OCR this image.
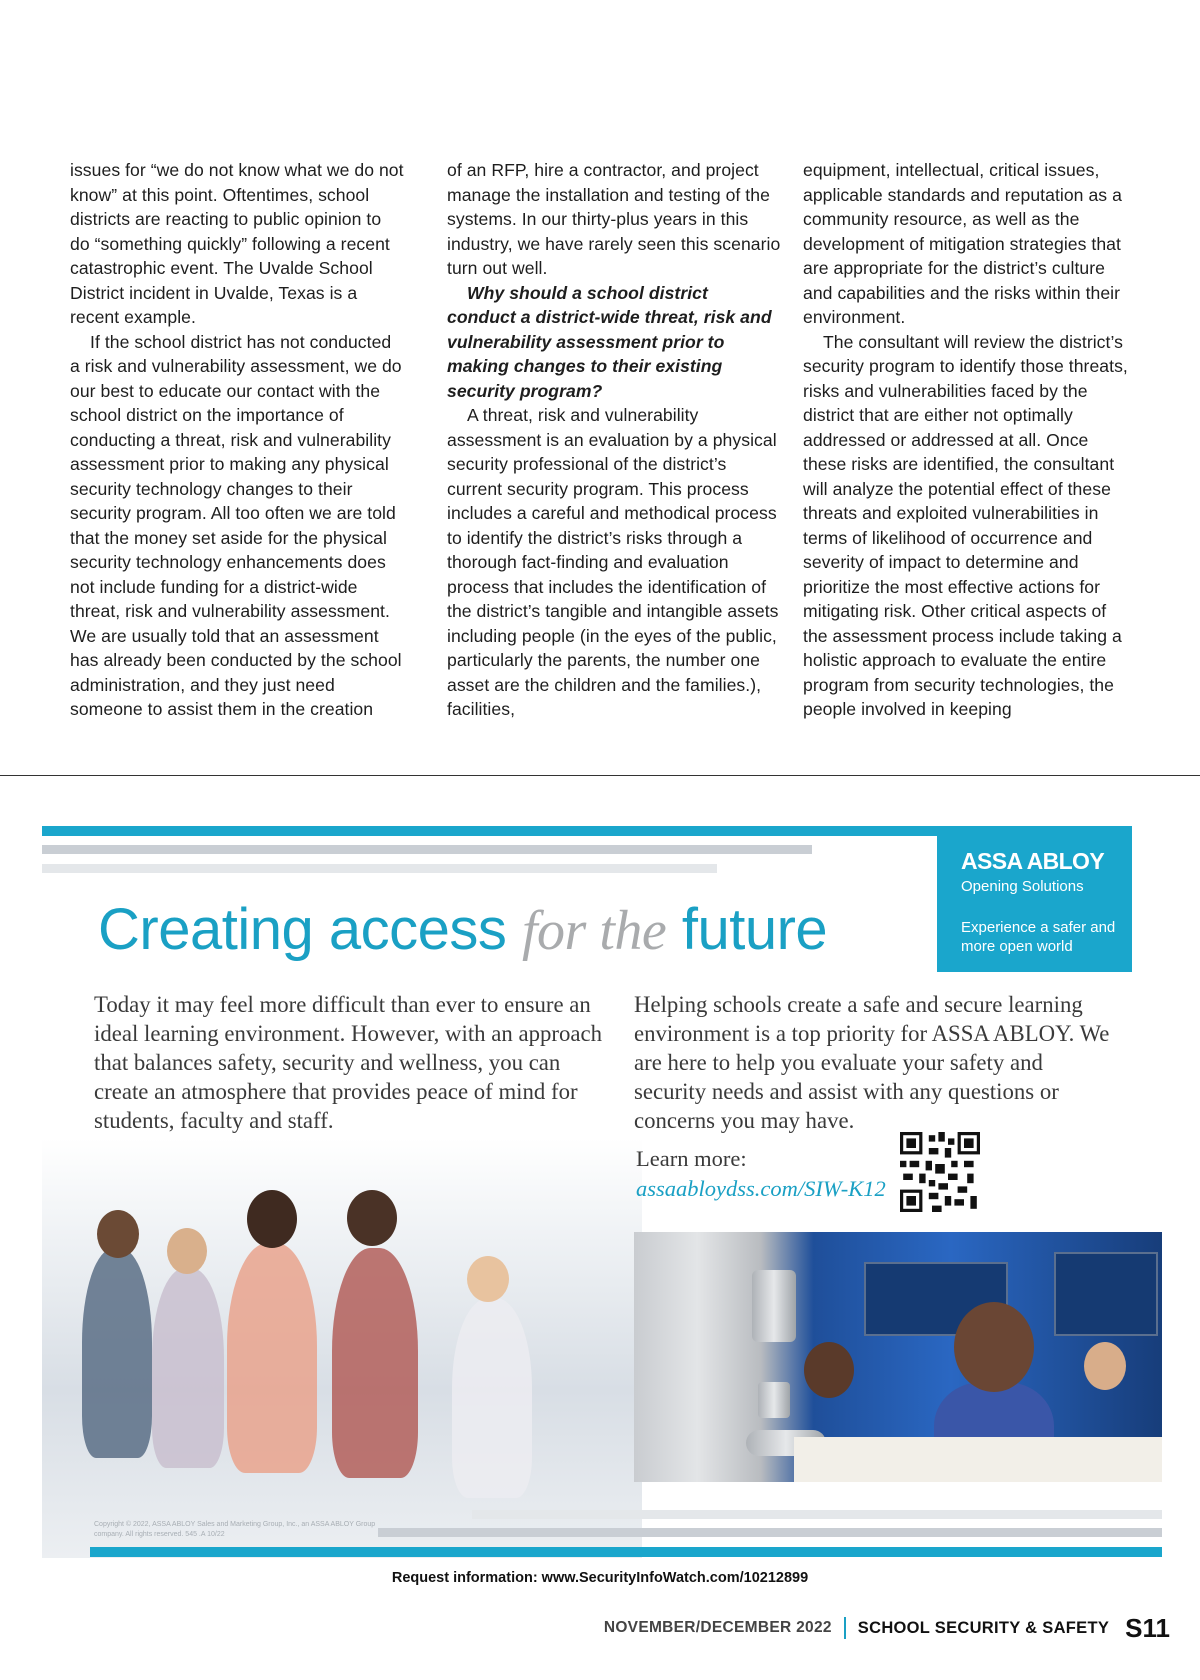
issues for “we do not know what we do not know” at this point. Oftentimes, school districts are reacting to public opinion to do “something quickly” following a recent catastrophic event. The Uvalde School District incident in Uvalde, Texas is a recent example.

If the school district has not conducted a risk and vulnerability assessment, we do our best to educate our contact with the school district on the importance of conducting a threat, risk and vulnerability assessment prior to making any physical security technology changes to their security program. All too often we are told that the money set aside for the physical security technology enhancements does not include funding for a district-wide threat, risk and vulnerability assessment. We are usually told that an assessment has already been conducted by the school administration, and they just need someone to assist them in the creation

of an RFP, hire a contractor, and project manage the installation and testing of the systems. In our thirty-plus years in this industry, we have rarely seen this scenario turn out well.

Why should a school district conduct a district-wide threat, risk and vulnerability assessment prior to making changes to their existing security program?

A threat, risk and vulnerability assessment is an evaluation by a physical security professional of the district’s current security program. This process includes a careful and methodical process to identify the district’s risks through a thorough fact-finding and evaluation process that includes the identification of the district’s tangible and intangible assets including people (in the eyes of the public, particularly the parents, the number one asset are the children and the families.), facilities,

equipment, intellectual, critical issues, applicable standards and reputation as a community resource, as well as the development of mitigation strategies that are appropriate for the district’s culture and capabilities and the risks within their environment.

The consultant will review the district’s security program to identify those threats, risks and vulnerabilities faced by the district that are either not optimally addressed or addressed at all. Once these risks are identified, the consultant will analyze the potential effect of these threats and exploited vulnerabilities in terms of likelihood of occurrence and severity of impact to determine and prioritize the most effective actions for mitigating risk. Other critical aspects of the assessment process include taking a holistic approach to evaluate the entire program from security technologies, the people involved in keeping

ASSA ABLOY
Opening Solutions
Experience a safer and more open world
Creating access for the future
Today it may feel more difficult than ever to ensure an ideal learning environment. However, with an approach that balances safety, security and wellness, you can create an atmosphere that provides peace of mind for students, faculty and staff.
Helping schools create a safe and secure learning environment is a top priority for ASSA ABLOY. We are here to help you evaluate your safety and security needs and assist with any questions or concerns you may have.
Learn more:
assaabloydss.com/SIW-K12
Copyright © 2022, ASSA ABLOY Sales and Marketing Group, Inc., an ASSA ABLOY Group company. All rights reserved. 545 .A 10/22
Request information: www.SecurityInfoWatch.com/10212899
NOVEMBER/DECEMBER 2022 SCHOOL SECURITY & SAFETY S11
